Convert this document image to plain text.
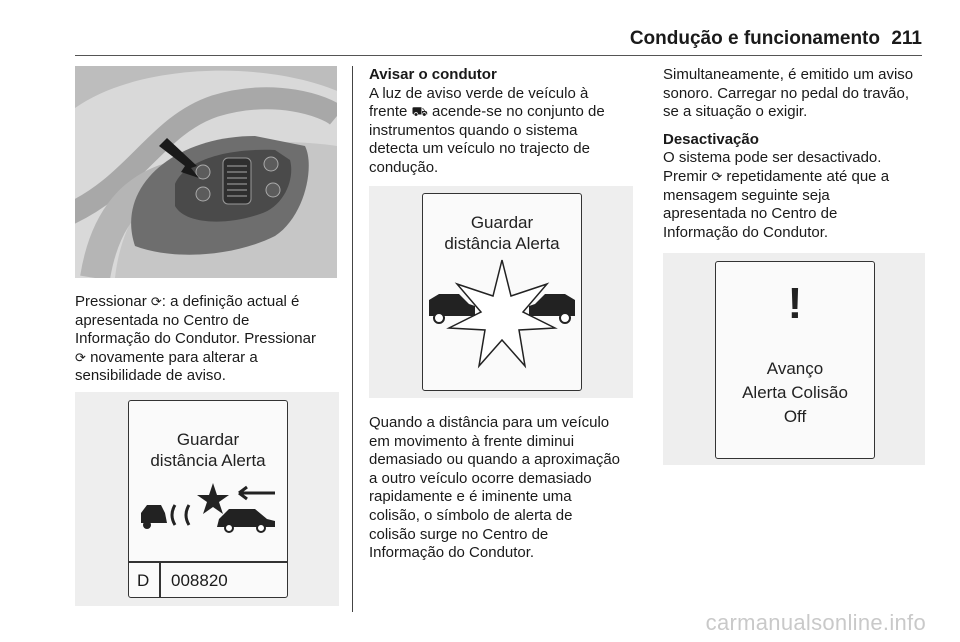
Condução e funcionamento 211

Pressionar ⟳: a definição actual é

apresentada no Centro de

Informação do Condutor. Pressionar

⟳ novamente para alterar a

sensibilidade de aviso.

Guardar
distância Alerta
D 008820

Avisar o condutor

A luz de aviso verde de veículo à

frente ⛟ acende-se no conjunto de

instrumentos quando o sistema

detecta um veículo no trajecto de

condução.

Guardar
distância Alerta

Quando a distância para um veículo

em movimento à frente diminui

demasiado ou quando a aproximação

a outro veículo ocorre demasiado

rapidamente e é iminente uma

colisão, o símbolo de alerta de

colisão surge no Centro de

Informação do Condutor.

Simultaneamente, é emitido um aviso

sonoro. Carregar no pedal do travão,

se a situação o exigir.

Desactivação

O sistema pode ser desactivado.

Premir ⟳ repetidamente até que a

mensagem seguinte seja

apresentada no Centro de

Informação do Condutor.

!
Avanço
Alerta Colisão
Off
carmanualsonline.info
